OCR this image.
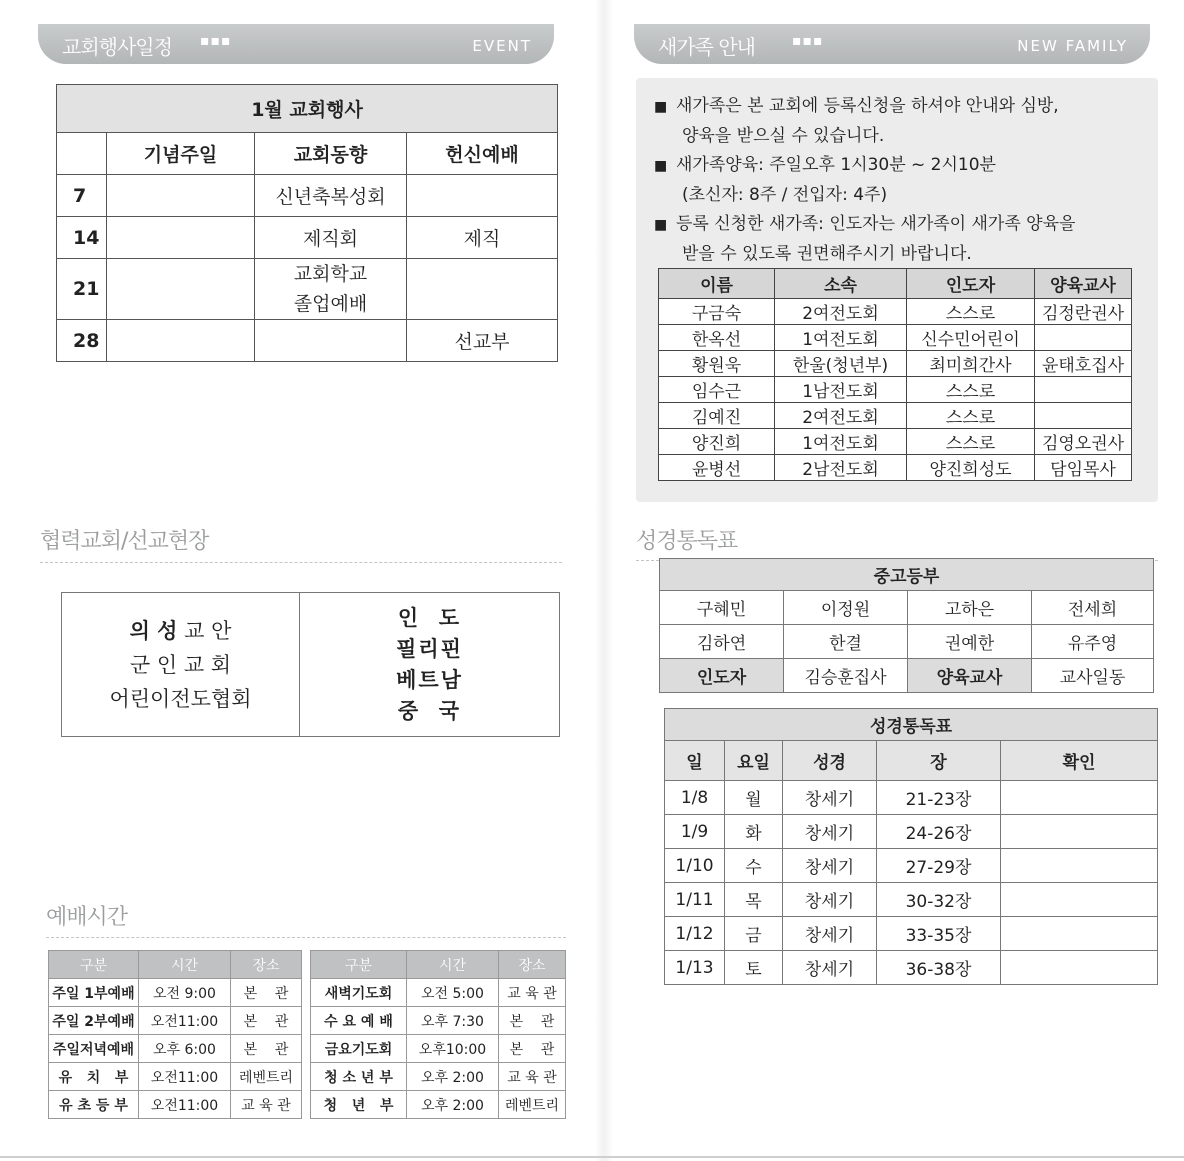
교회행사일정 ▪▪▪	EVENT
1월 교회행사			
	기념주일	교회동향	헌신예배
7		신년축복성회	
14		제직회	제직
21		교회학교
졸업예배	

28			선교부
협력교회/선교현장
의 성 교 안
군 인 교 회
어린이전도협회
인  도
필리핀
베트남
중  국
예배시간
구분	시간	장소
주일 1부예배	오전 9:00	본    관
주일 2부예배	오전11:00	본    관
주일저녁예배	오후 6:00	본    관
유   치   부	오전11:00	레벤트리
유 초 등 부	오전11:00	교 육 관
구분	시간	장소
새벽기도회	오전 5:00	교 육 관
수 요 예 배	오후 7:30	본    관
금요기도회	오후10:00	본    관
청 소 년 부	오후 2:00	교 육 관
청   년   부	오후 2:00	레벤트리
새가족 안내	▪▪▪	NEW FAMILY
■ 새가족은 본 교회에 등록신청을 하셔야 안내와 심방,
양육을 받으실 수 있습니다.
■ 새가족양육: 주일오후 1시30분 ~ 2시10분
(초신자: 8주 / 전입자: 4주)
■ 등록 신청한 새가족: 인도자는 새가족이 새가족 양육을
받을 수 있도록 권면해주시기 바랍니다.
이름	소속	인도자	양육교사
구금숙	2여전도회	스스로	김정란권사
한옥선	1여전도회	신수민어린이	
황원욱	한울(청년부)	최미희간사	윤태호집사
임수근	1남전도회	스스로	
김예진	2여전도회	스스로	
양진희	1여전도회	스스로	김영오권사
윤병선	2남전도회	양진희성도	담임목사
성경통독표
중고등부			
구혜민	이정원	고하은	전세희
김하연	한결	권예한	유주영
인도자	김승훈집사	양육교사	교사일동
성경통독표				
일	요일	성경	장	확인
1/8	월	창세기	21-23장	
1/9	화	창세기	24-26장	
1/10	수	창세기	27-29장	
1/11	목	창세기	30-32장	
1/12	금	창세기	33-35장	
1/13	토	창세기	36-38장	
